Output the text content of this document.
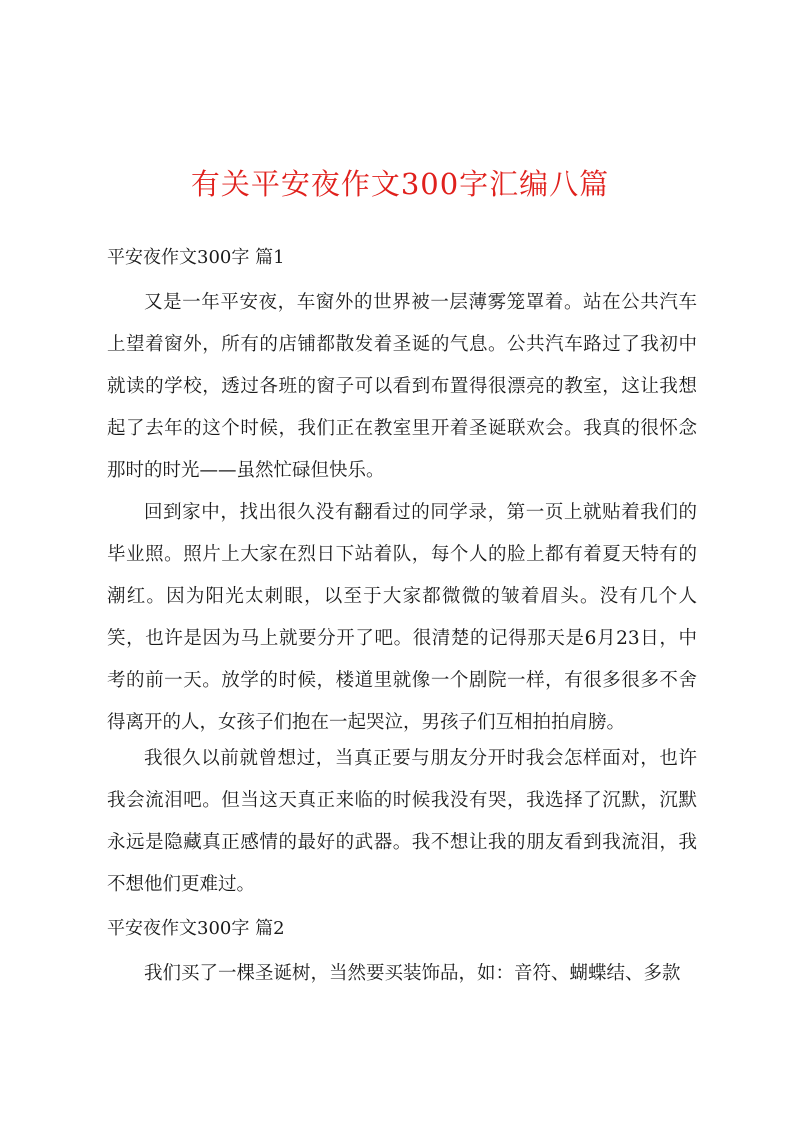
有关平安夜作文300字汇编八篇
平安夜作文300字 篇1

又是一年平安夜，车窗外的世界被一层薄雾笼罩着。站在公共汽车上望着窗外，所有的店铺都散发着圣诞的气息。公共汽车路过了我初中就读的学校，透过各班的窗子可以看到布置得很漂亮的教室，这让我想起了去年的这个时候，我们正在教室里开着圣诞联欢会。我真的很怀念那时的时光——虽然忙碌但快乐。

回到家中，找出很久没有翻看过的同学录，第一页上就贴着我们的毕业照。照片上大家在烈日下站着队，每个人的脸上都有着夏天特有的潮红。因为阳光太刺眼，以至于大家都微微的皱着眉头。没有几个人笑，也许是因为马上就要分开了吧。很清楚的记得那天是6月23日，中考的前一天。放学的时候，楼道里就像一个剧院一样，有很多很多不舍得离开的人，女孩子们抱在一起哭泣，男孩子们互相拍拍肩膀。

我很久以前就曾想过，当真正要与朋友分开时我会怎样面对，也许我会流泪吧。但当这天真正来临的时候我没有哭，我选择了沉默，沉默永远是隐藏真正感情的最好的武器。我不想让我的朋友看到我流泪，我不想他们更难过。

平安夜作文300字 篇2

我们买了一棵圣诞树，当然要买装饰品，如：音符、蝴蝶结、多款
